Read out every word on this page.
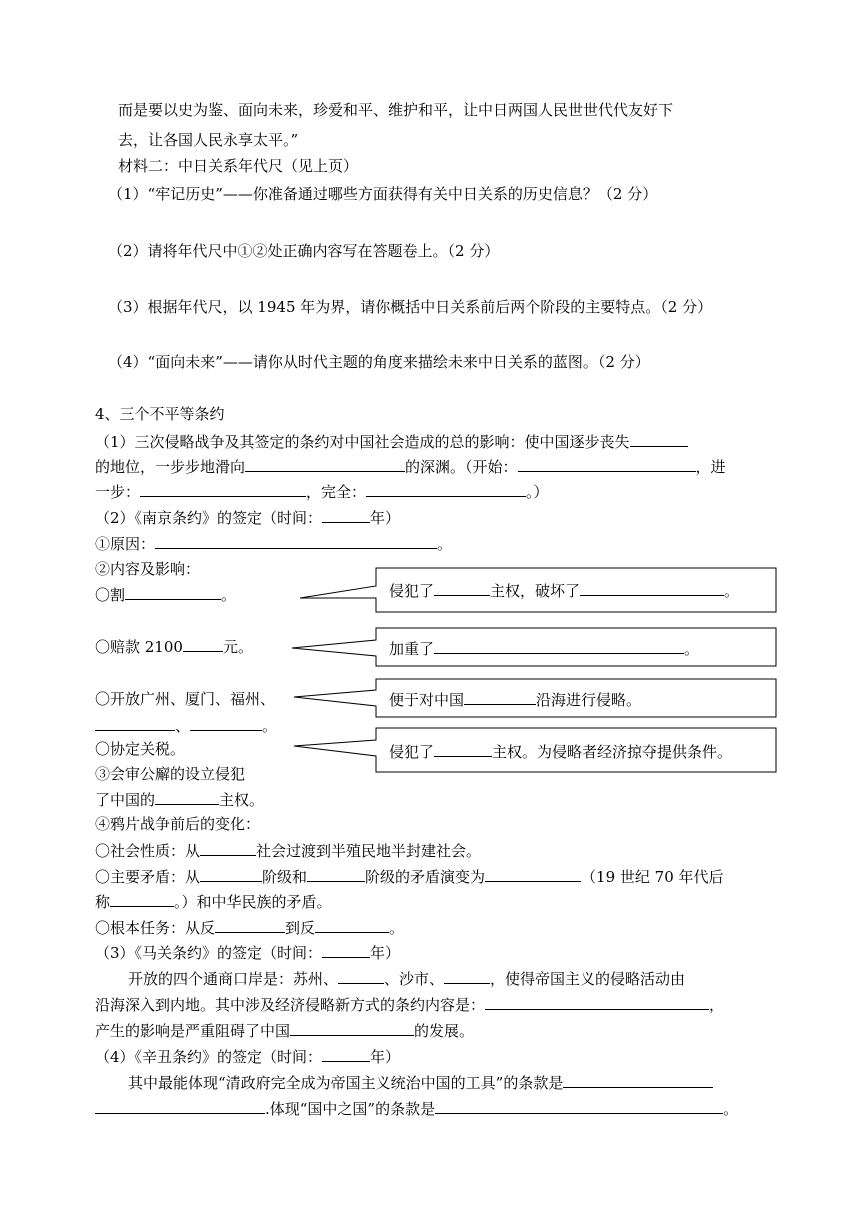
而是要以史为鉴、面向未来，珍爱和平、维护和平，让中日两国人民世世代代友好下
去，让各国人民永享太平。”
材料二：中日关系年代尺（见上页）
（1）“牢记历史”——你准备通过哪些方面获得有关中日关系的历史信息？（2 分）
（2）请将年代尺中①②处正确内容写在答题卷上。（2 分）
（3）根据年代尺，以 1945 年为界，请你概括中日关系前后两个阶段的主要特点。（2 分）
（4）“面向未来”——请你从时代主题的角度来描绘未来中日关系的蓝图。（2 分）
4、三个不平等条约
（1）三次侵略战争及其签定的条约对中国社会造成的总的影响：使中国逐步丧失
的地位，一步步地滑向	的深渊。（开始：	，进
一步：	，完全：	。）
（2）《南京条约》的签定（时间：	年）
①原因：	。
②内容及影响：
〇割	。
〇赔款 2100	元。
〇开放广州、厦门、福州、
、	。
〇协定关税。
③会审公廨的设立侵犯
了中国的	主权。
④鸦片战争前后的变化：
〇社会性质：从	社会过渡到半殖民地半封建社会。
〇主要矛盾：从	阶级和	阶级的矛盾演变为	（19 世纪 70 年代后
称	。）和中华民族的矛盾。
〇根本任务：从反	到反	。
侵犯了	主权，破坏了	。
加重了	。
便于对中国	沿海进行侵略。
侵犯了	主权。为侵略者经济掠夺提供条件。
（3）《马关条约》的签定（时间：	年）
开放的四个通商口岸是：苏州、	、沙市、	，使得帝国主义的侵略活动由
沿海深入到内地。其中涉及经济侵略新方式的条约内容是：	，
产生的影响是严重阻碍了中国	的发展。
（4）《辛丑条约》的签定（时间：	年）
其中最能体现“清政府完全成为帝国主义统治中国的工具”的条款是
.体现“国中之国”的条款是	。
